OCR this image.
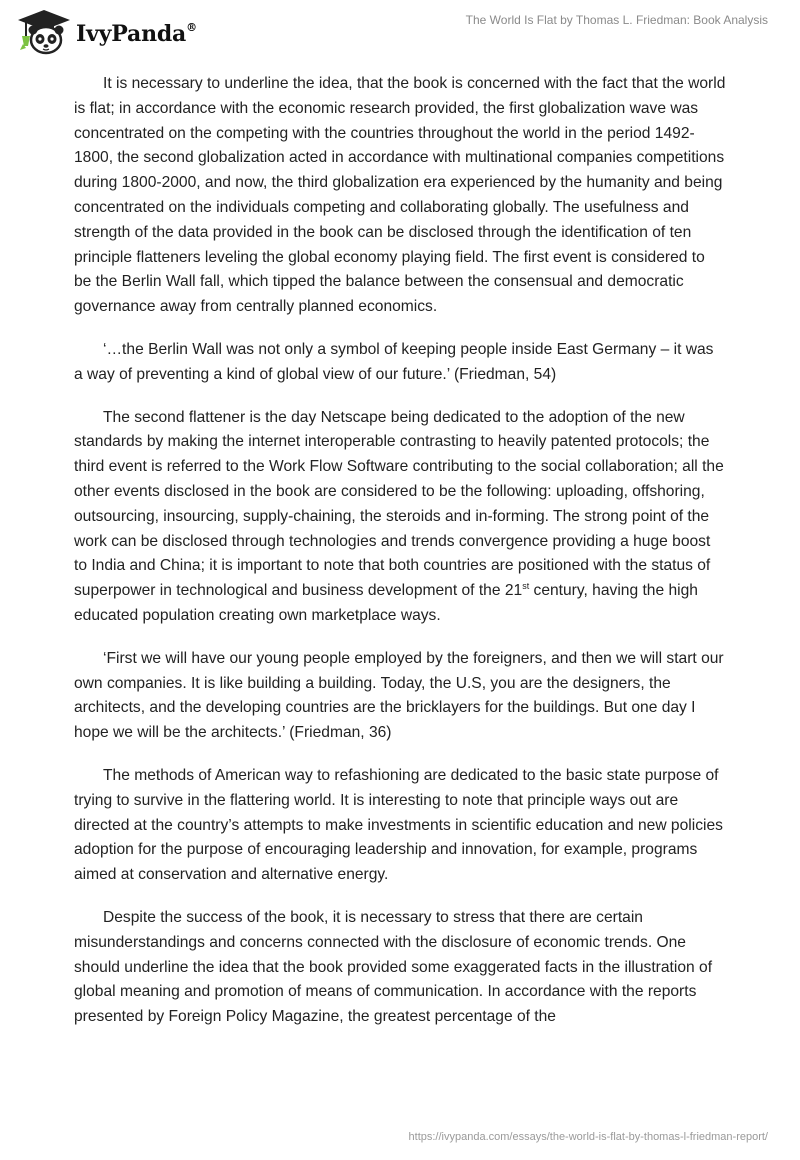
IvyPanda®
The World Is Flat by Thomas L. Friedman: Book Analysis

It is necessary to underline the idea, that the book is concerned with the fact that the world is flat; in accordance with the economic research provided, the first globalization wave was concentrated on the competing with the countries throughout the world in the period 1492-1800, the second globalization acted in accordance with multinational companies competitions during 1800-2000, and now, the third globalization era experienced by the humanity and being concentrated on the individuals competing and collaborating globally. The usefulness and strength of the data provided in the book can be disclosed through the identification of ten principle flatteners leveling the global economy playing field. The first event is considered to be the Berlin Wall fall, which tipped the balance between the consensual and democratic governance away from centrally planned economics.

‘…the Berlin Wall was not only a symbol of keeping people inside East Germany – it was a way of preventing a kind of global view of our future.’ (Friedman, 54)

The second flattener is the day Netscape being dedicated to the adoption of the new standards by making the internet interoperable contrasting to heavily patented protocols; the third event is referred to the Work Flow Software contributing to the social collaboration; all the other events disclosed in the book are considered to be the following: uploading, offshoring, outsourcing, insourcing, supply-chaining, the steroids and in-forming. The strong point of the work can be disclosed through technologies and trends convergence providing a huge boost to India and China; it is important to note that both countries are positioned with the status of superpower in technological and business development of the 21st century, having the high educated population creating own marketplace ways.

‘First we will have our young people employed by the foreigners, and then we will start our own companies. It is like building a building. Today, the U.S, you are the designers, the architects, and the developing countries are the bricklayers for the buildings. But one day I hope we will be the architects.’ (Friedman, 36)

The methods of American way to refashioning are dedicated to the basic state purpose of trying to survive in the flattering world. It is interesting to note that principle ways out are directed at the country’s attempts to make investments in scientific education and new policies adoption for the purpose of encouraging leadership and innovation, for example, programs aimed at conservation and alternative energy.

Despite the success of the book, it is necessary to stress that there are certain misunderstandings and concerns connected with the disclosure of economic trends. One should underline the idea that the book provided some exaggerated facts in the illustration of global meaning and promotion of means of communication. In accordance with the reports presented by Foreign Policy Magazine, the greatest percentage of the

https://ivypanda.com/essays/the-world-is-flat-by-thomas-l-friedman-report/
